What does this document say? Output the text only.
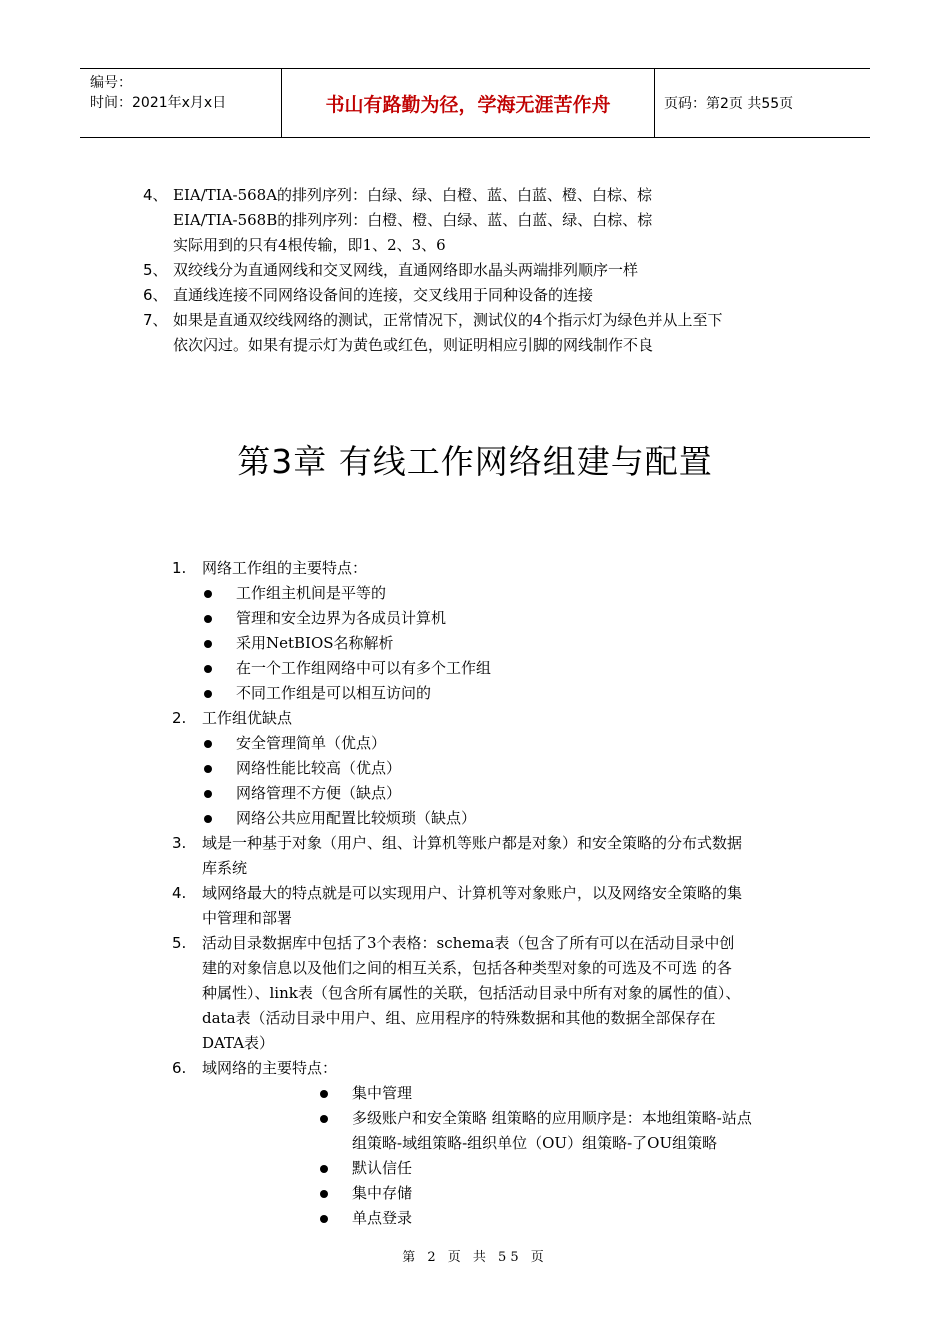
编号：
时间：2021年x月x日	书山有路勤为径，学海无涯苦作舟	页码：第2页 共55页
4、 EIA/TIA-568A的排列序列：白绿、绿、白橙、蓝、白蓝、橙、白棕、棕
EIA/TIA-568B的排列序列：白橙、橙、白绿、蓝、白蓝、绿、白棕、棕
实际用到的只有4根传输，即1、2、3、6
5、 双绞线分为直通网线和交叉网线，直通网络即水晶头两端排列顺序一样
6、 直通线连接不同网络设备间的连接，交叉线用于同种设备的连接
7、 如果是直通双绞线网络的测试，正常情况下，测试仪的4个指示灯为绿色并从上至下
依次闪过。如果有提示灯为黄色或红色，则证明相应引脚的网线制作不良
1. 网络工作组的主要特点：
工作组主机间是平等的
管理和安全边界为各成员计算机
采用NetBIOS名称解析
在一个工作组网络中可以有多个工作组
不同工作组是可以相互访问的
2. 工作组优缺点
安全管理简单（优点）
网络性能比较高（优点）
网络管理不方便（缺点）
网络公共应用配置比较烦琐（缺点）
3. 域是一种基于对象（用户、组、计算机等账户都是对象）和安全策略的分布式数据
库系统
4. 域网络最大的特点就是可以实现用户、计算机等对象账户，以及网络安全策略的集
中管理和部署
5. 活动目录数据库中包括了3个表格：schema表（包含了所有可以在活动目录中创
建的对象信息以及他们之间的相互关系，包括各种类型对象的可选及不可选 的各
种属性）、link表（包含所有属性的关联，包括活动目录中所有对象的属性的值）、
data表（活动目录中用户、组、应用程序的特殊数据和其他的数据全部保存在
DATA表）
6. 域网络的主要特点：
集中管理
多级账户和安全策略 组策略的应用顺序是：本地组策略-站点
组策略-域组策略-组织单位（OU）组策略-了OU组策略
默认信任
集中存储
单点登录
第3章 有线工作网络组建与配置
第 2 页 共 55 页
